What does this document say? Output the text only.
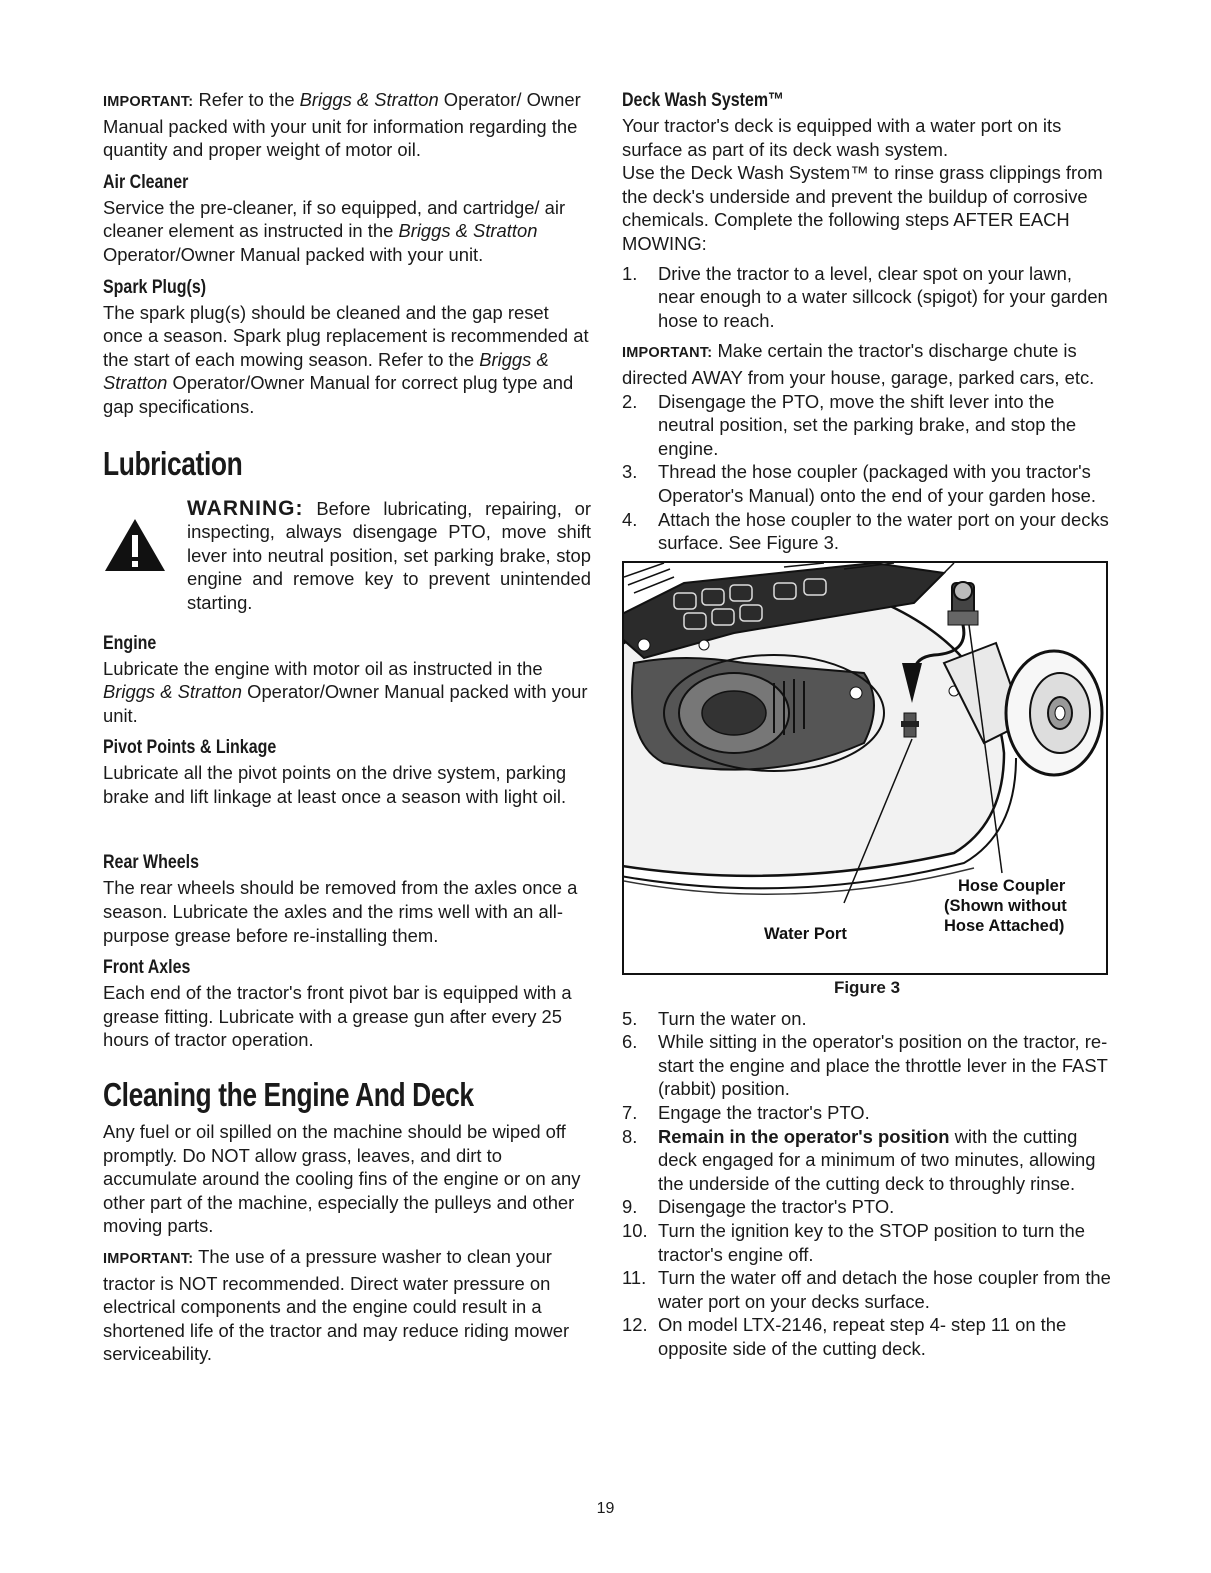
IMPORTANT: Refer to the Briggs & Stratton Operator/ Owner Manual packed with your unit for information regarding the quantity and proper weight of motor oil.

Air Cleaner

Service the pre-cleaner, if so equipped, and cartridge/ air cleaner element as instructed in the Briggs & Stratton Operator/Owner Manual packed with your unit.

Spark Plug(s)

The spark plug(s) should be cleaned and the gap reset once a season. Spark plug replacement is recommended at the start of each mowing season. Refer to the Briggs & Stratton Operator/Owner Manual for correct plug type and gap specifications.

Lubrication

WARNING: Before lubricating, repairing, or inspecting, always disengage PTO, move shift lever into neutral position, set parking brake, stop engine and remove key to prevent unintended starting.

Engine

Lubricate the engine with motor oil as instructed in the Briggs & Stratton Operator/Owner Manual packed with your unit.

Pivot Points & Linkage

Lubricate all the pivot points on the drive system, parking brake and lift linkage at least once a season with light oil.

Rear Wheels

The rear wheels should be removed from the axles once a season. Lubricate the axles and the rims well with an all-purpose grease before re-installing them.

Front Axles

Each end of the tractor's front pivot bar is equipped with a grease fitting. Lubricate with a grease gun after every 25 hours of tractor operation.

Cleaning the Engine And Deck

Any fuel or oil spilled on the machine should be wiped off promptly. Do NOT allow grass, leaves, and dirt to accumulate around the cooling fins of the engine or on any other part of the machine, especially the pulleys and other moving parts.

IMPORTANT: The use of a pressure washer to clean your tractor is NOT recommended. Direct water pressure on electrical components and the engine could result in a shortened life of the tractor and may reduce riding mower serviceability.

Deck Wash System™

Your tractor's deck is equipped with a water port on its surface as part of its deck wash system.

Use the Deck Wash System™ to rinse grass clippings from the deck's underside and prevent the buildup of corrosive chemicals. Complete the following steps AFTER EACH MOWING:

1. Drive the tractor to a level, clear spot on your lawn, near enough to a water sillcock (spigot) for your garden hose to reach.

IMPORTANT: Make certain the tractor's discharge chute is directed AWAY from your house, garage, parked cars, etc.

2. Disengage the PTO, move the shift lever into the neutral position, set the parking brake, and stop the engine.
3. Thread the hose coupler (packaged with you tractor's Operator's Manual) onto the end of your garden hose.
4. Attach the hose coupler to the water port on your decks surface. See Figure 3.
Water Port
Hose Coupler
(Shown without
Hose Attached)
Figure 3
5. Turn the water on.
6. While sitting in the operator's position on the tractor, re-start the engine and place the throttle lever in the FAST (rabbit) position.
7. Engage the tractor's PTO.
8. Remain in the operator's position with the cutting deck engaged for a minimum of two minutes, allowing the underside of the cutting deck to throughly rinse.
9. Disengage the tractor's PTO.
10. Turn the ignition key to the STOP position to turn the tractor's engine off.
11. Turn the water off and detach the hose coupler from the water port on your decks surface.
12. On model LTX-2146, repeat step 4- step 11 on the opposite side of the cutting deck.
19
